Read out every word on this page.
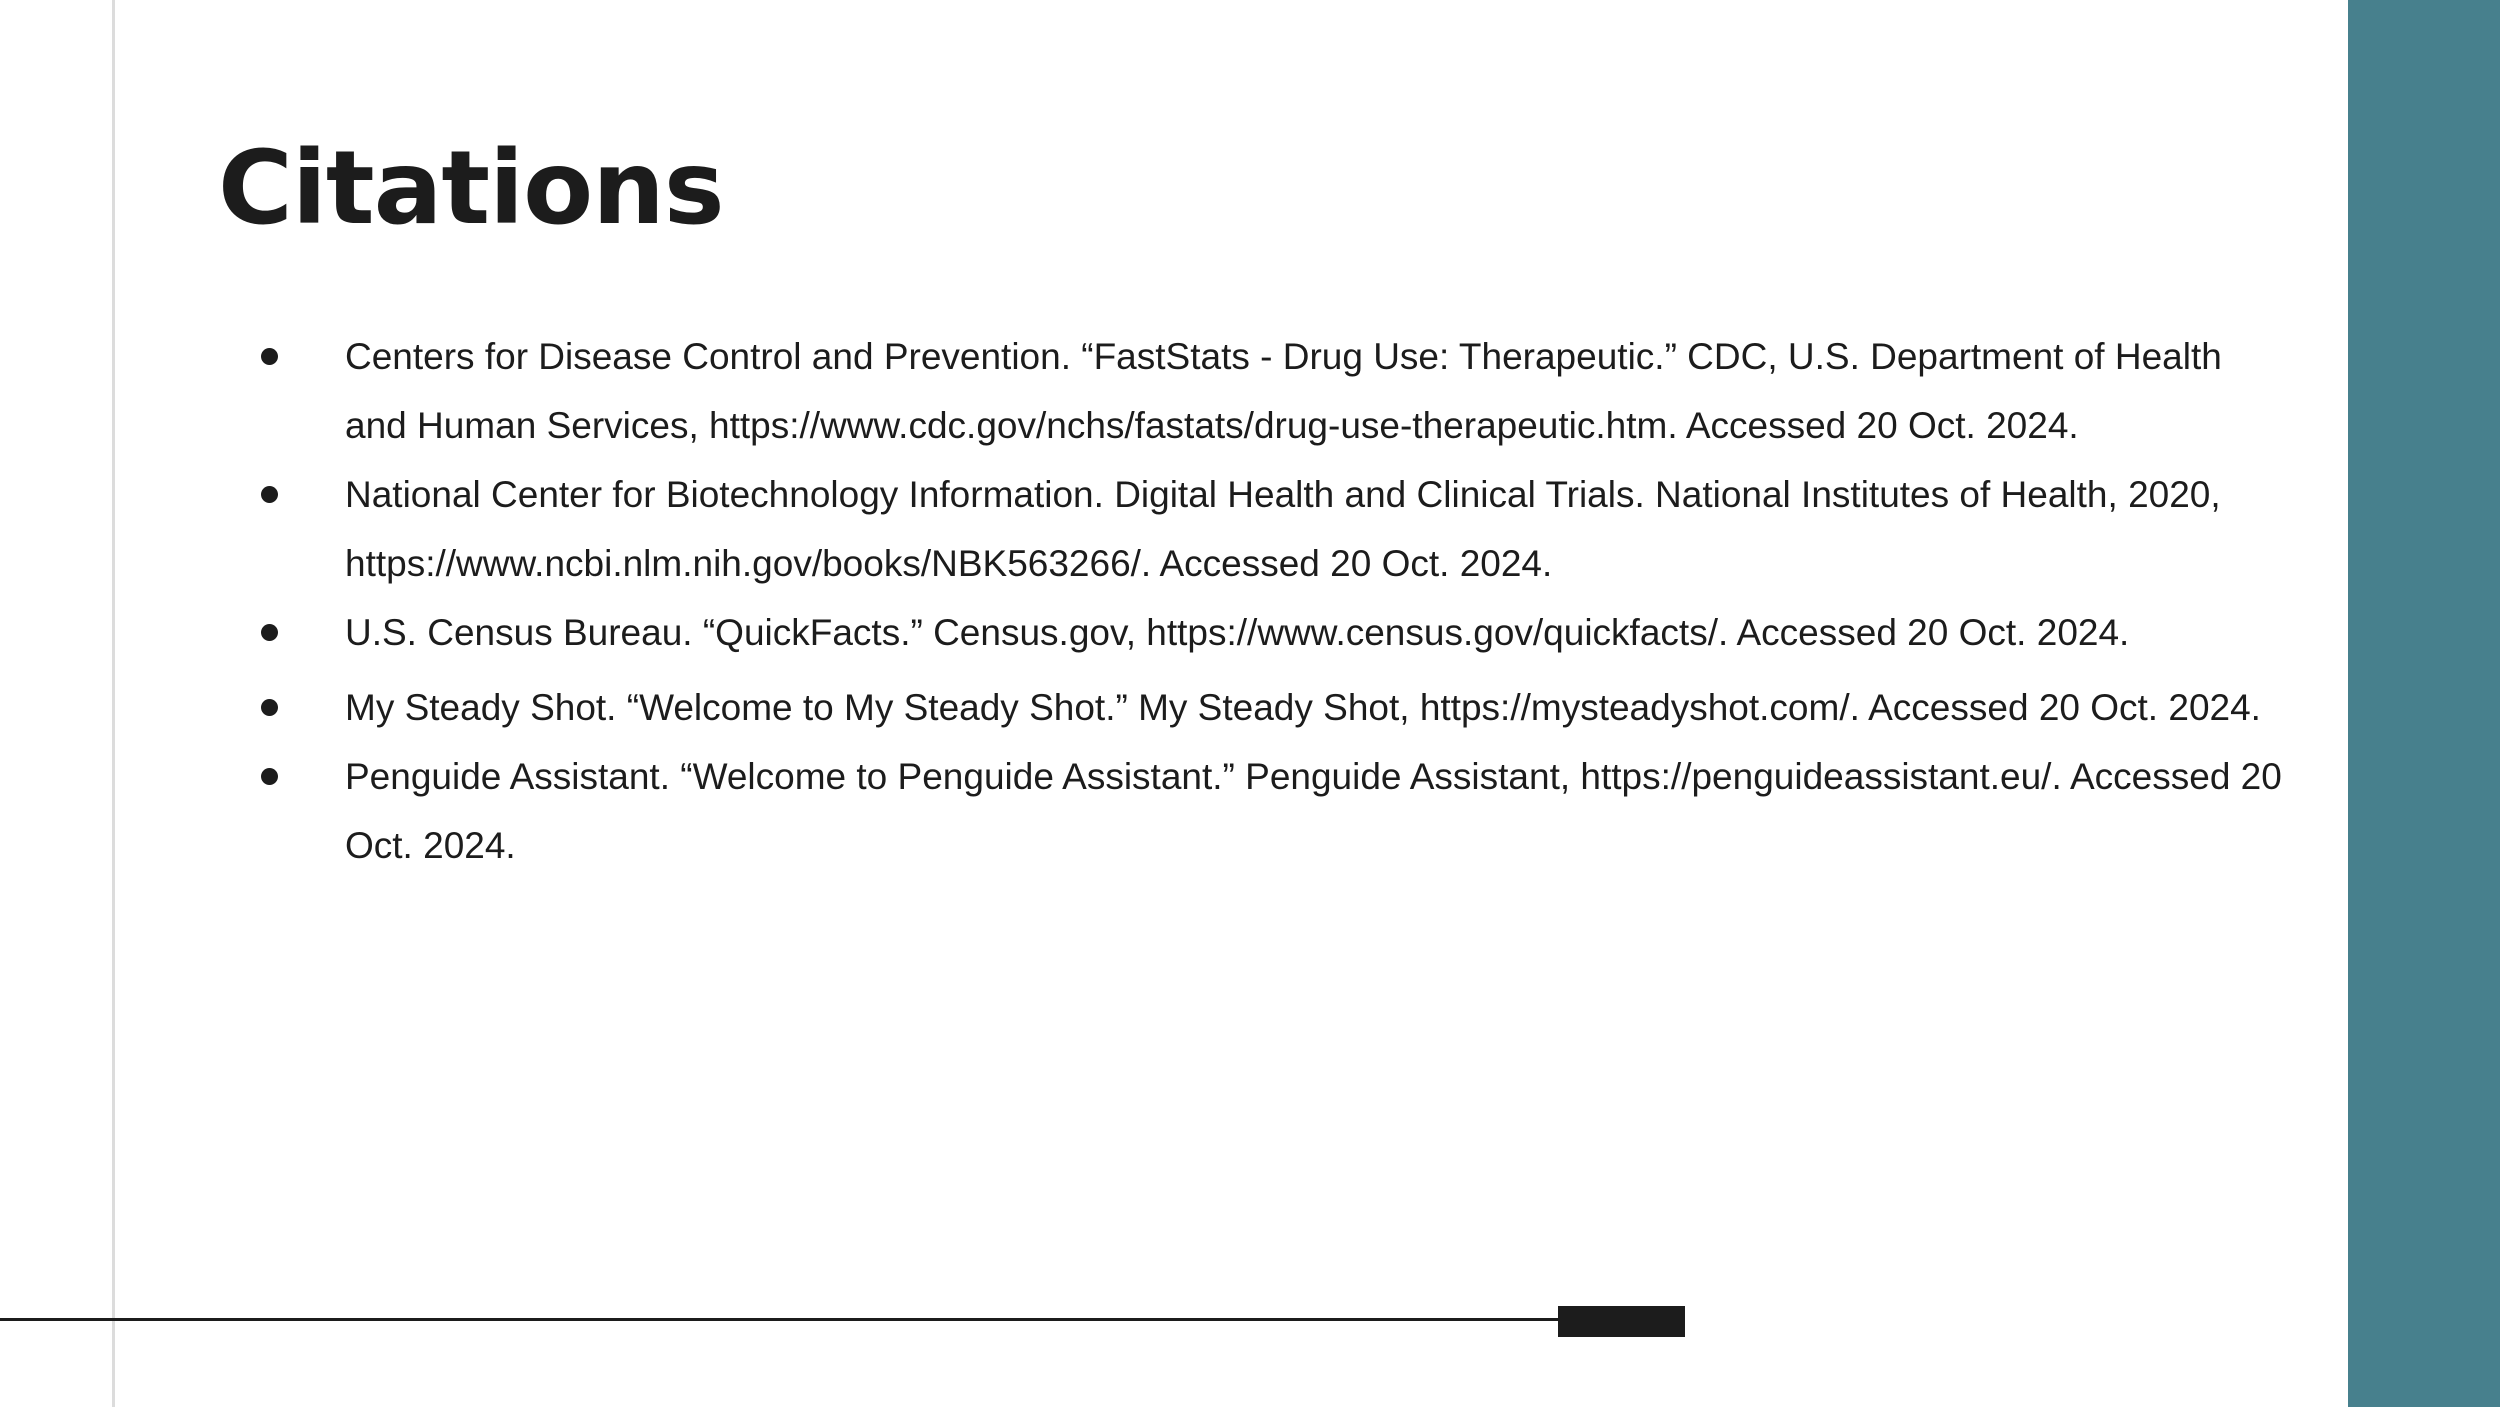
Citations
Centers for Disease Control and Prevention. “FastStats - Drug Use: Therapeutic.” CDC, U.S. Department of Health and Human Services, https://www.cdc.gov/nchs/fastats/drug-use-therapeutic.htm. Accessed 20 Oct. 2024.
National Center for Biotechnology Information. Digital Health and Clinical Trials. National Institutes of Health, 2020, https://www.ncbi.nlm.nih.gov/books/NBK563266/. Accessed 20 Oct. 2024.
U.S. Census Bureau. “QuickFacts.” Census.gov, https://www.census.gov/quickfacts/. Accessed 20 Oct. 2024.
My Steady Shot. “Welcome to My Steady Shot.” My Steady Shot, https://mysteadyshot.com/. Accessed 20 Oct. 2024.
Penguide Assistant. “Welcome to Penguide Assistant.” Penguide Assistant, https://penguideassistant.eu/. Accessed 20 Oct. 2024.
